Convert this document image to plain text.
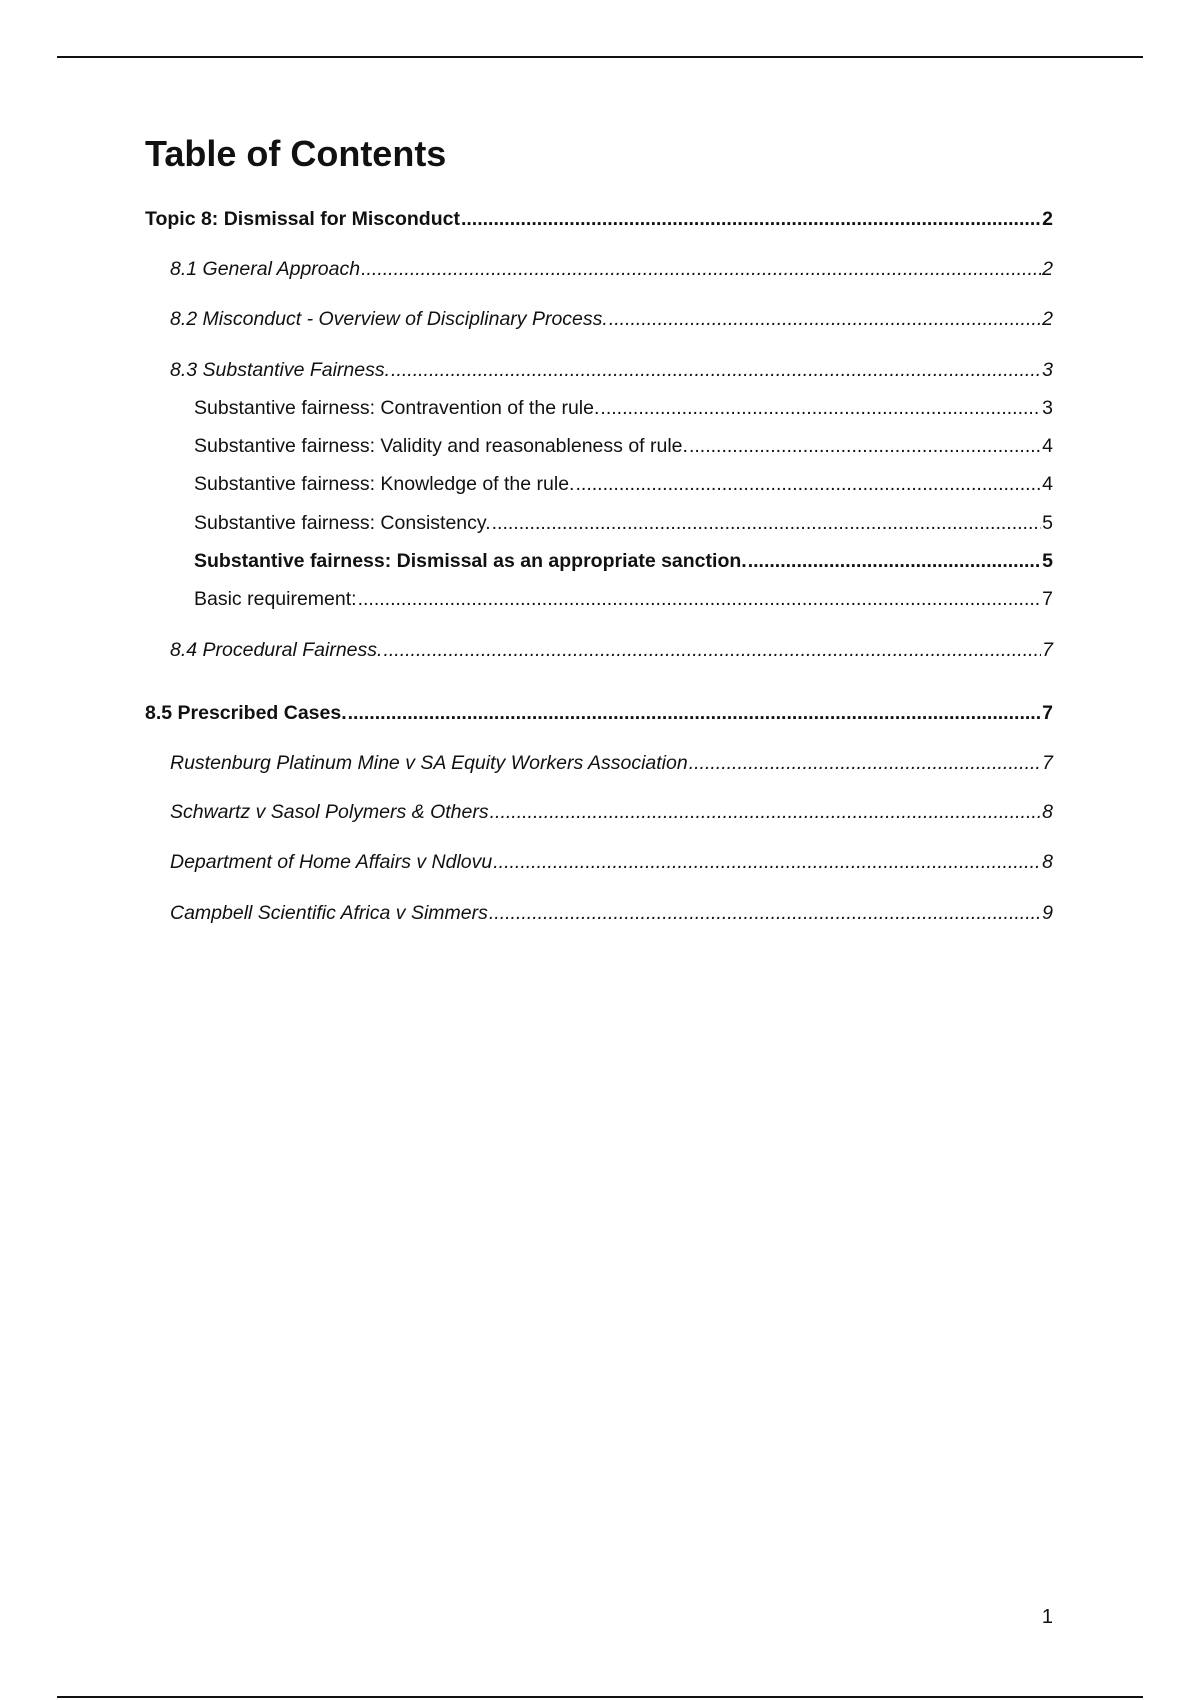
Table of Contents
Topic 8: Dismissal for Misconduct .....	2
8.1 General Approach .....	2
8.2 Misconduct - Overview of Disciplinary Process. .....	2
8.3 Substantive Fairness. .....	3
Substantive fairness: Contravention of the rule. .....	3
Substantive fairness: Validity and reasonableness of rule. .....	4
Substantive fairness: Knowledge of the rule. .....	4
Substantive fairness: Consistency. .....	5
Substantive fairness: Dismissal as an appropriate sanction. .....	5
Basic requirement: .....	7
8.4 Procedural Fairness. .....	7
8.5 Prescribed Cases. .....	7
Rustenburg Platinum Mine v SA Equity Workers Association .....	7
Schwartz v Sasol Polymers & Others .....	8
Department of Home Affairs v Ndlovu .....	8
Campbell Scientific Africa v Simmers .....	9
1
